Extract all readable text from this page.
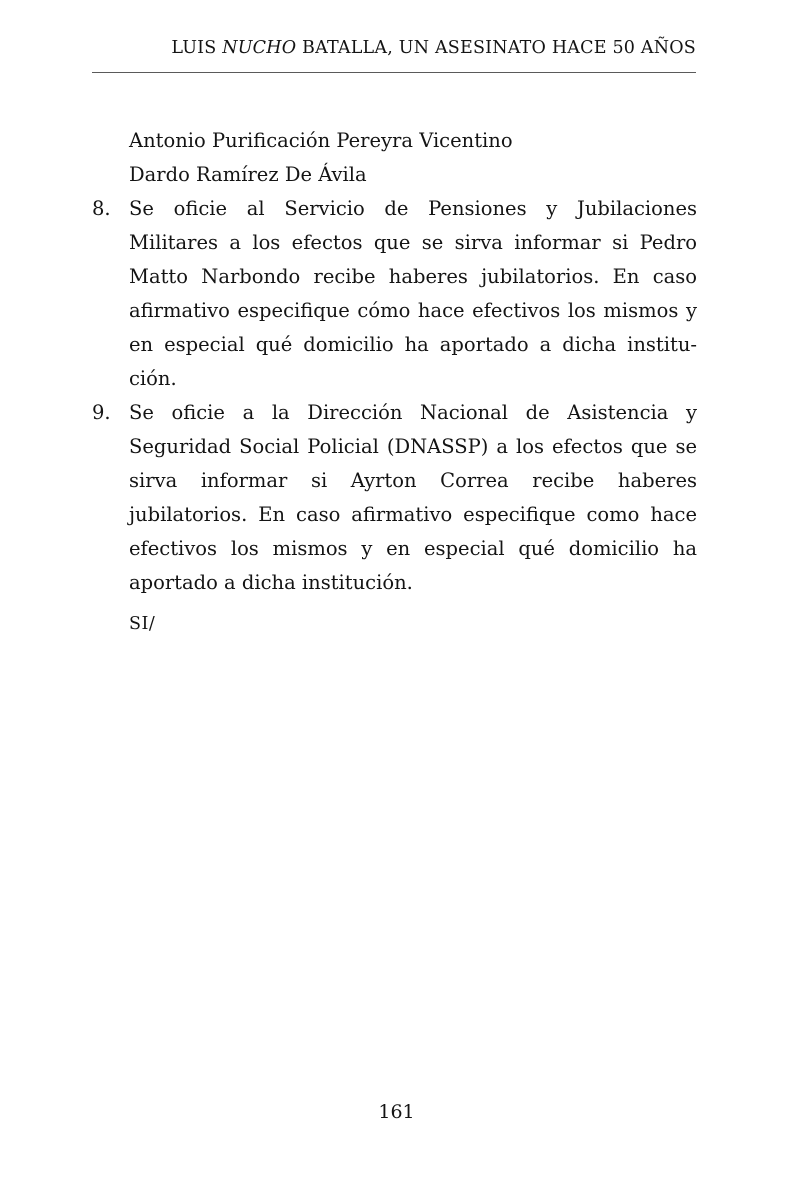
LUIS NUCHO BATALLA, UN ASESINATO HACE 50 AÑOS
Antonio Purificación Pereyra Vicentino
Dardo Ramírez De Ávila
8. Se oficie al Servicio de Pensiones y Jubilaciones Militares a los efectos que se sirva informar si Pedro Matto Narbondo recibe haberes jubilatorios. En caso afirmativo especifique cómo hace efectivos los mismos y en especial qué domicilio ha aportado a dicha institución.
9. Se oficie a la Dirección Nacional de Asistencia y Seguridad Social Policial (DNASSP) a los efectos que se sirva informar si Ayrton Correa recibe haberes jubilatorios. En caso afirmativo especifique como hace efectivos los mismos y en especial qué domicilio ha aportado a dicha institución.
SI/
161
